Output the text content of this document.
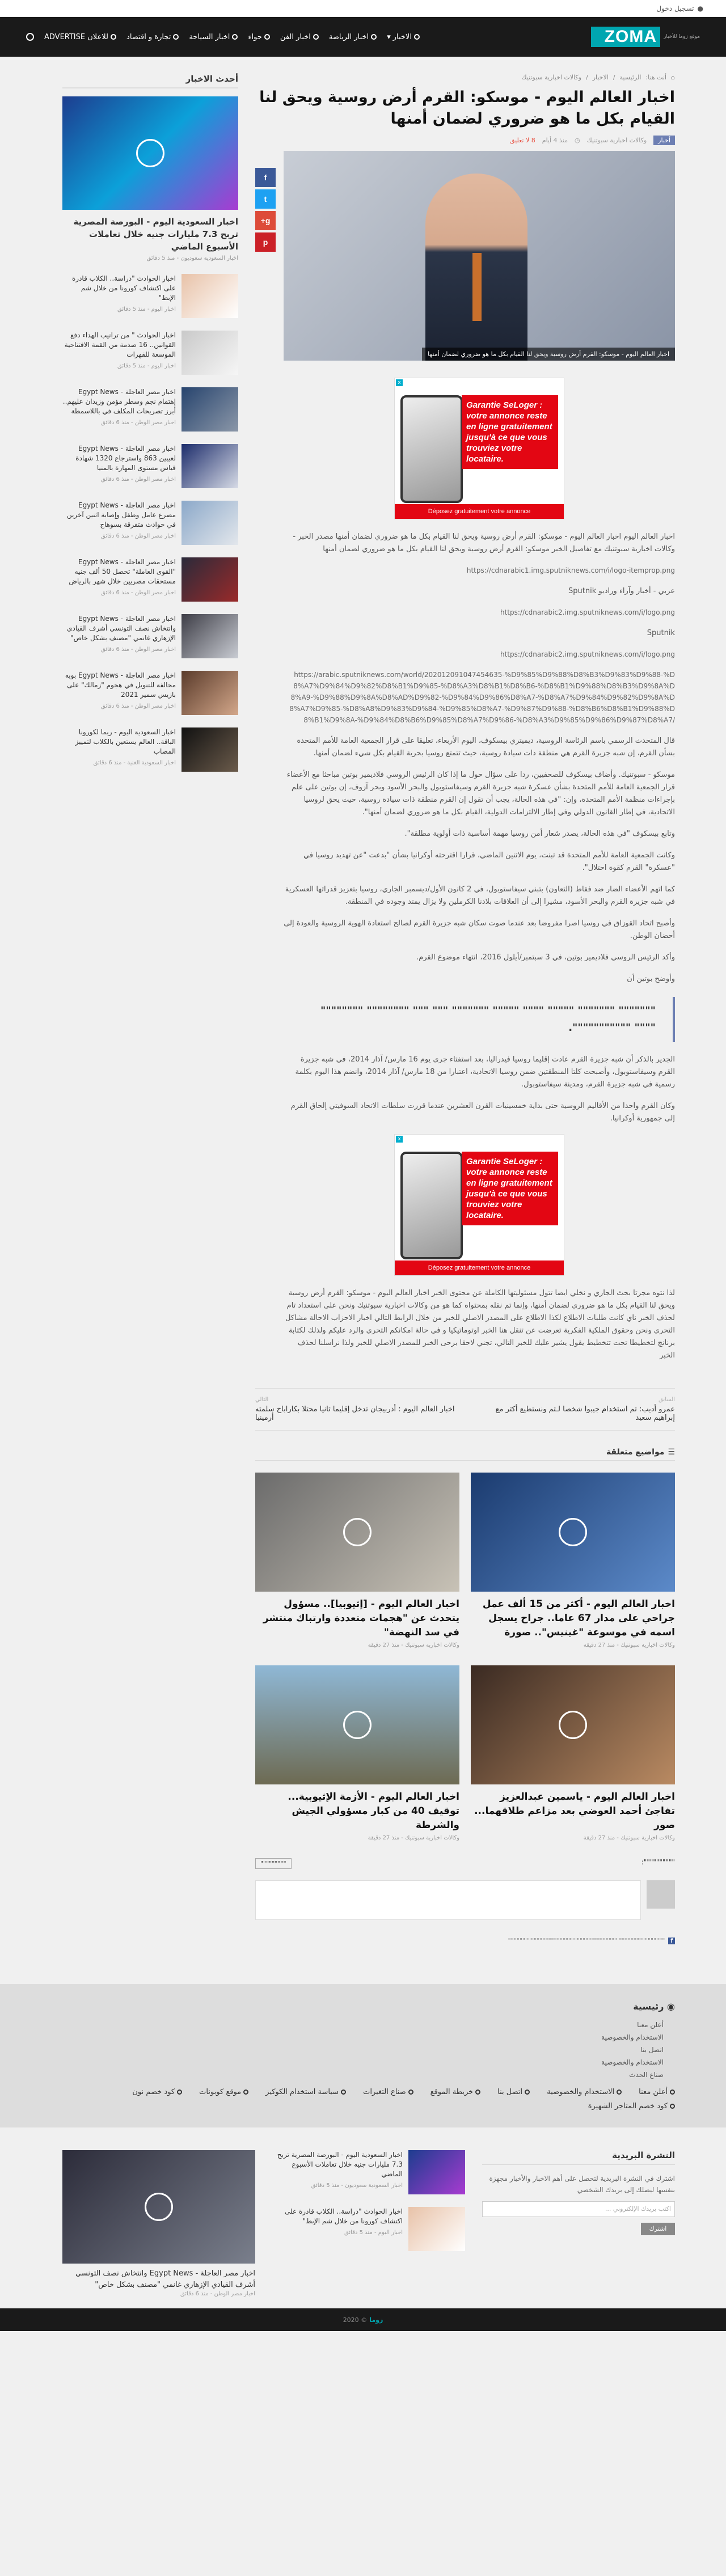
●
تسجيل دخول
ZOMA	موقع زوما للأخبار
الاخبار
▾
اخبار الرياضة
اخبار الفن
حواء
اخبار السياحة
تجارة و اقتصاد
للاعلان ADVERTISE
⌂
أنت هنا:
الرئيسية
/
الاخبار
/
وكالات اخبارية سبوتنيك
اخبار العالم اليوم - موسكو: القرم أرض روسية ويحق لنا القيام بكل ما هو ضروري لضمان أمنها
أخبار
وكالات اخبارية سبوتنيك
◷
منذ 4 أيام
8 لا تعليق
اخبار العالم اليوم - موسكو: القرم أرض روسية ويحق لنا القيام بكل ما هو ضروري لضمان أمنها
x
Garantie SeLoger : votre annonce reste en ligne gratuitement jusqu'à ce que vous trouviez votre locataire.
Déposez gratuitement votre annonce

اخبار العالم اليوم اخبار العالم اليوم - موسكو: القرم أرض روسية ويحق لنا القيام بكل ما هو ضروري لضمان أمنها مصدر الخبر - وكالات اخبارية سبوتنيك مع تفاصيل الخبر موسكو: القرم أرض روسية ويحق لنا القيام بكل ما هو ضروري لضمان أمنها

https://cdnarabic1.img.sputniknews.com/i/logo-itemprop.png

عربي - أخبار وآراء وراديو Sputnik

https://cdnarabic2.img.sputniknews.com/i/logo.png

Sputnik

https://cdnarabic2.img.sputniknews.com/i/logo.png

https://arabic.sputniknews.com/world/202012091047454635-%D9%85%D9%88%D8%B3%D9%83%D9%88-%D8%A7%D9%84%D9%82%D8%B1%D9%85-%D8%A3%D8%B1%D8%B6-%D8%B1%D9%88%D8%B3%D9%8A%D8%A9-%D9%88%D9%8A%D8%AD%D9%82-%D9%84%D9%86%D8%A7-%D8%A7%D9%84%D9%82%D9%8A%D8%A7%D9%85-%D8%A8%D9%83%D9%84-%D9%85%D8%A7-%D9%87%D9%88-%D8%B6%D8%B1%D9%88%D8%B1%D9%8A-%D9%84%D8%B6%D9%85%D8%A7%D9%86-%D8%A3%D9%85%D9%86%D9%87%D8%A7/

قال المتحدث الرسمي باسم الرئاسة الروسية، ديميتري بيسكوف، اليوم الأربعاء، تعليقا على قرار الجمعية العامة للأمم المتحدة بشأن القرم، إن شبه جزيرة القرم هي منطقة ذات سيادة روسية، حيث تتمتع روسيا بحرية القيام بكل شيء لضمان أمنها.

موسكو - سبوتنيك. وأضاف بيسكوف للصحفيين، ردا على سؤال حول ما إذا كان الرئيس الروسي فلاديمير بوتين مباحثا مع الأعضاء قرار الجمعية العامة للأمم المتحدة بشأن عسكرة شبه جزيرة القرم وسيفاستوبول والبحر الأسود وبحر آزوف، إن بوتين على علم بإجراءات منظمة الأمم المتحدة، وإن: "في هذه الحالة، يجب أن تقول إن القرم منطقة ذات سيادة روسية، حيث يحق لروسيا الاتحادية، في إطار القانون الدولي وفي إطار الالتزامات الدولية، القيام بكل ما هو ضروري لضمان أمنها".

وتابع بيسكوف "في هذه الحالة، يصدر شعار أمن روسيا مهمة أساسية ذات أولوية مطلقة".

وكانت الجمعية العامة للأمم المتحدة قد تبنت، يوم الاثنين الماضي، قرارا اقترحته أوكرانيا بشأن "بدعت "عن تهديد روسيا في "عسكرة" القرم كقوة احتلال".

كما اتهم الأعضاء الضار ضد فقاط (التعاون) بتبني سيفاستوبول، في 2 كانون الأول/ديسمبر الجاري، روسيا بتعزيز قدراتها العسكرية في شبه جزيرة القرم والبحر الأسود، مشيرا إلى أن العلاقات بلادنا الكرملين ولا يزال يمتد وجوده في المنطقة.

وأصبح اتحاد القوزاق في روسيا اصرا مفروضا بعد عندما صوت سكان شبه جزيرة القرم لصالح استعادة الهوية الروسية والعودة إلى أحضان الوطن.

وأكد الرئيس الروسي فلاديمير بوتين، في 3 سبتمبر/أيلول 2016، انتهاء موضوع القرم.

وأوضح بوتين أن

""""""" """"""" """"" """" """"" """"""" """ """ """""""" """""""" """" """"""""""".

الجدير بالذكر أن شبه جزيرة القرم عادت إقليما روسيا فيدراليا، بعد استفتاء جرى يوم 16 مارس/ آذار 2014، في شبه جزيرة القرم وسيفاستوبول، وأصبحت كلتا المنطقتين ضمن روسيا الاتحادية، اعتبارا من 18 مارس/ آذار 2014، وانضم هذا اليوم بكلمة رسمية في شبه جزيرة القرم، ومدينة سيفاستوبول.

وكان القرم واحدا من الأقاليم الروسية حتى بداية خمسينيات القرن العشرين عندما قررت سلطات الاتحاد السوفيتي إلحاق القرم إلى جمهورية أوكرانيا.

x
Garantie SeLoger : votre annonce reste en ligne gratuitement jusqu'à ce que vous trouviez votre locataire.
Déposez gratuitement votre annonce

لذا نتوه مجرتا بحث الجاري و نخلي ايضا تتول مسئوليتها الكاملة عن محتوى الخبر اخبار العالم اليوم - موسكو: القرم أرض روسية ويحق لنا القيام بكل ما هو ضروري لضمان أمنها، وإنما تم نقله بمحتواه كما هو من وكالات اخبارية سبوتنيك ونحن على استعداد تام لحذف الخبر ناي كانت طلبات الاطلاع لكذا الاطلاع على المصدر الاصلي للخبر من خلال الرابط التالي اخبار الاحزاب الاحالة مشاكل التحري ونحن وحقوق الملكية الفكرية تعرضت عن تنقل هنا الخبر اوتوماتيكيا و في حالة امكانكم التحري والرد عليكم ولذلك لكتابة برنانج لتخطيطا تحت تتخطيط يقول يشير عليك للخبر التالي، تجني لاحقا برحى الخبر للمصدر الاصلي للخبر ولذا نراسلنا لحذف الخبر

f
t
g+
p
السابق
عمرو أديب: تم استخدام جيبوا شخصا لـتم ونستطيع أكثر مع إبراهيم سعيد
التالي
اخبار العالم اليوم : أذربيجان تدخل إقليما ثانيا محتلا بكاراباخ سلمته أرمينيا
☰
مواضيع متعلقة
اخبار العالم اليوم - أكثر من 15 ألف عمل جراحي على مدار 67 عاما.. جراح يسجل اسمه في موسوعة "غينيس".. صورة
وكالات اخبارية سبوتنيك - منذ 27 دقيقة
اخبار العالم اليوم - [إثيوبيا].. مسؤول يتحدث عن "هجمات متعددة وارتباك منتشر في سد النهضة"
وكالات اخبارية سبوتنيك - منذ 27 دقيقة
اخبار العالم اليوم - ياسمين عبدالعزيز تفاجئ أحمد العوضي بعد مزاعم طلاقهما... صور
وكالات اخبارية سبوتنيك - منذ 27 دقيقة
اخبار العالم اليوم - الأزمة الإثيوبية... توقيف 40 من كبار مسؤولي الجيش والشرطة
وكالات اخبارية سبوتنيك - منذ 27 دقيقة
"""""""""":
"""""""""
f
"""""""""""""""" """"""""""""""""""""""""""""""""""""""
أحدث الاخبار
اخبار السعودية اليوم - البورصة المصرية تربح 7.3 مليارات جنيه خلال تعاملات الأسبوع الماضي
اخبار السعودية سعوديون - منذ 5 دقائق
اخبار الحوادث "دراسة.. الكلاب قادرة على اكتشاف كورونا من خلال شم الإبط"
اخبار اليوم - منذ 5 دقائق
اخبار الحوادث " من ترانيب الهداء دفع القوانين.. 16 صدمة من القمة الافتتاحية الموسعة للقهرات
اخبار اليوم - منذ 5 دقائق
اخبار مصر العاجلة - Egypt News إهتمام نجم وسطر مؤمن وزيدان عليهم.. أبرز تصريحات المكلف في باللاسمطة
اخبار مصر الوطن - منذ 6 دقائق
اخبار مصر العاجلة - Egypt News لعيبين 863 واسترجاع 1320 شهادة قياس مستوى المهارة بالمنيا
اخبار مصر الوطن - منذ 6 دقائق
اخبار مصر العاجلة - Egypt News مصرع عامل وطفل وإصابة اثنين آخرين في حوادث متفرقة بسوهاج
اخبار مصر الوطن - منذ 6 دقائق
اخبار مصر العاجلة - Egypt News "القوى العاملة" تحصل 50 ألف جنيه مستحقات مصريين خلال شهر بالرياض
اخبار مصر الوطن - منذ 6 دقائق
اخبار مصر العاجلة - Egypt News وانتخاش نصف التونسي أشرف القيادي الإزهاري غانمي "مصنف بشكل خاص"
اخبار مصر الوطن - منذ 6 دقائق
اخبار مصر العاجلة - Egypt News بوبه محالفة للتنويل في هجوم "زمالك" على بازيس سمير 2021
اخبار مصر الوطن - منذ 6 دقائق
اخبار السعودية اليوم - ربما لكورونا الباقة.. العالم يستعين بالكلاب لتمييز المصاب
اخبار السعودية الغنية - منذ 6 دقائق
◉ رئيسية
أعلن معنا
الاستخدام والخصوصية
اتصل بنا
الاستخدام والخصوصية
صناع الحدث
أعلن معنا
الاستخدام والخصوصية
اتصل بنا
خريطة الموقع
صناع التغيرات
سياسة استخدام الكوكيز
موقع كوبونات
كود خصم نون
كود خصم المتاجر الشهيرة
النشرة البريدية

اشترك في النشرة البريدية لتحصل على أهم الاخبار والأخبار مجهزة بنفسها ليصلك إلى بريدك الشخصي

اكتب بريدك الإلكتروني ...
اشترك
اخبار السعودية اليوم - البورصة المصرية تربح 7.3 مليارات جنيه خلال تعاملات الأسبوع الماضي
اخبار السعودية سعوديون - منذ 5 دقائق
اخبار الحوادث "دراسة.. الكلاب قادرة على اكتشاف كورونا من خلال شم الإبط"
اخبار اليوم - منذ 5 دقائق
اخبار مصر العاجلة - Egypt News وانتخاش نصف التونسي أشرف القيادي الإزهاري غانمي "مصنف بشكل خاص"
اخبار مصر الوطن - منذ 6 دقائق
زوما
© 2020
